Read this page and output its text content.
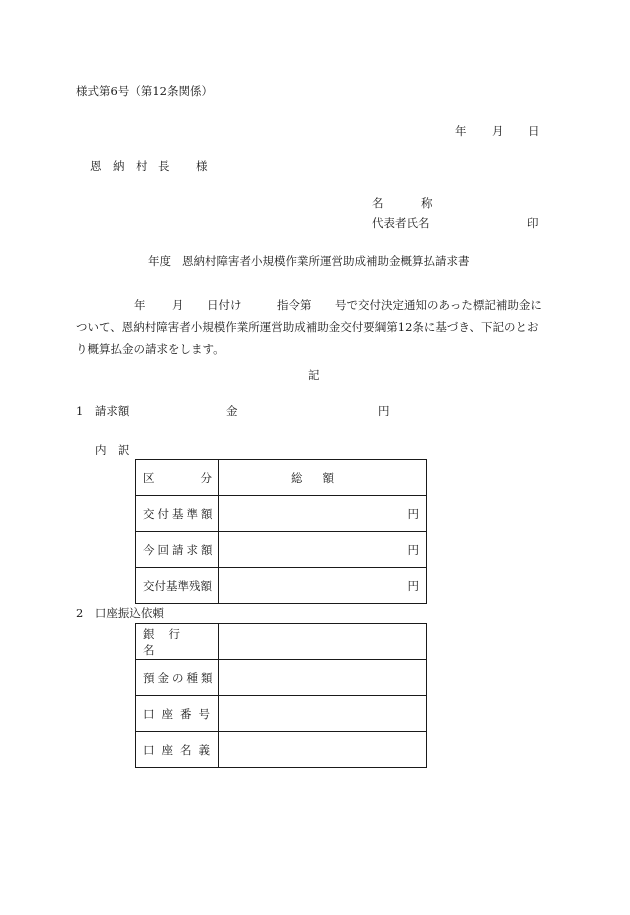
様式第6号（第12条関係）
年 月 日
恩 納 村 長 様
名	称
代表者氏名	印
年度 恩納村障害者小規模作業所運営助成補助金概算払請求書
年 月 日付け	指令第 号で交付決定通知のあった標記補助金に
ついて、恩納村障害者小規模作業所運営助成補助金交付要綱第12条に基づき、下記のとお
り概算払金の請求をします。
記
1　請求額	金	円
内 訳
区 分	総額

交付基準額	円

今回請求額	円

交付基準残額	円
2　口座振込依頼
銀行名	

預金の種類	

口座番号	

口座名義	
